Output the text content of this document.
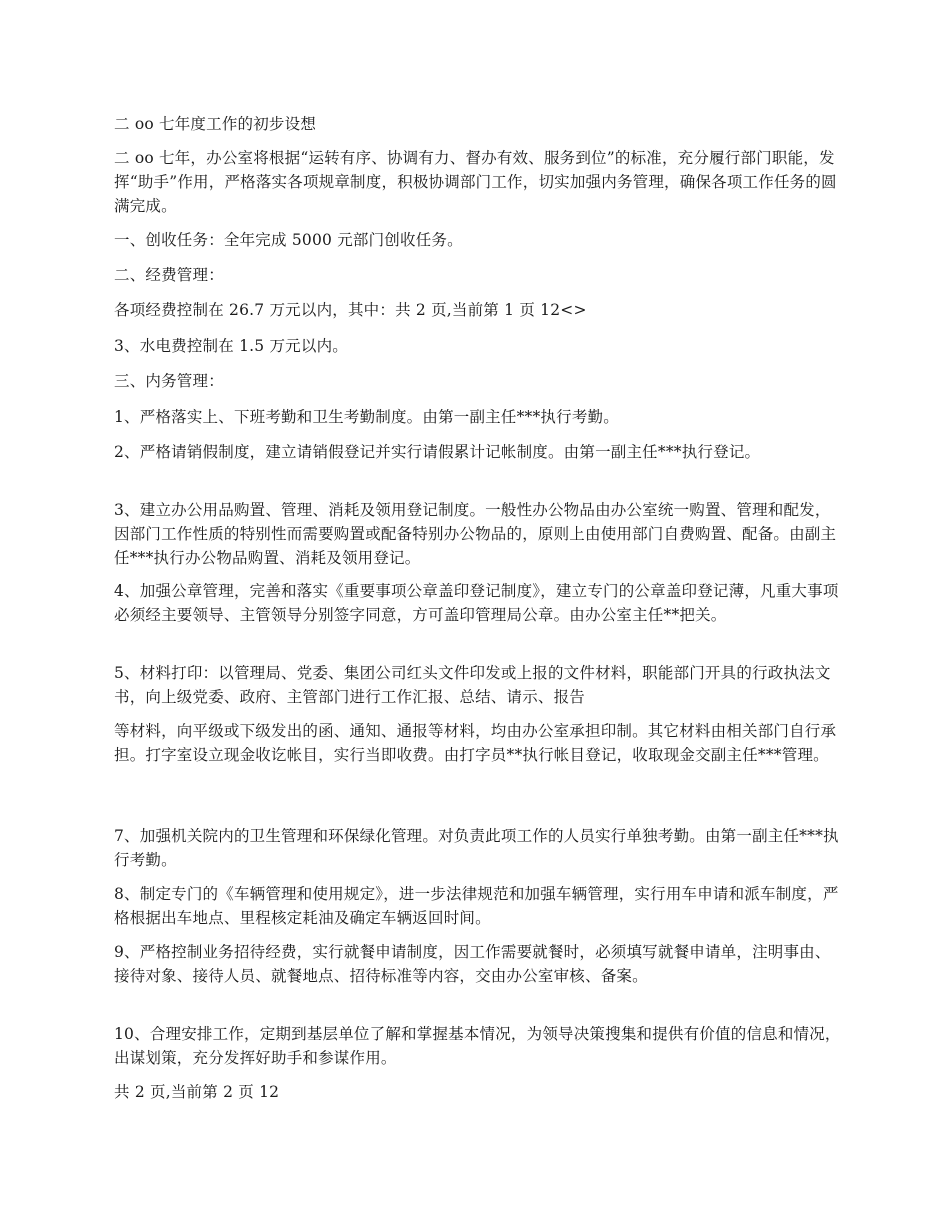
二 oo 七年度工作的初步设想

二 oo 七年，办公室将根据“运转有序、协调有力、督办有效、服务到位”的标准，充分履行部门职能，发挥“助手”作用，严格落实各项规章制度，积极协调部门工作，切实加强内务管理，确保各项工作任务的圆满完成。

一、创收任务：全年完成 5000 元部门创收任务。

二、经费管理：

各项经费控制在 26.7 万元以内，其中：共 2 页,当前第 1 页 12<>

3、水电费控制在 1.5 万元以内。

三、内务管理：

1、严格落实上、下班考勤和卫生考勤制度。由第一副主任***执行考勤。

2、严格请销假制度，建立请销假登记并实行请假累计记帐制度。由第一副主任***执行登记。

3、建立办公用品购置、管理、消耗及领用登记制度。一般性办公物品由办公室统一购置、管理和配发，因部门工作性质的特别性而需要购置或配备特别办公物品的，原则上由使用部门自费购置、配备。由副主任***执行办公物品购置、消耗及领用登记。

4、加强公章管理，完善和落实《重要事项公章盖印登记制度》，建立专门的公章盖印登记薄，凡重大事项必须经主要领导、主管领导分别签字同意，方可盖印管理局公章。由办公室主任**把关。

5、材料打印：以管理局、党委、集团公司红头文件印发或上报的文件材料，职能部门开具的行政执法文书，向上级党委、政府、主管部门进行工作汇报、总结、请示、报告

等材料，向平级或下级发出的函、通知、通报等材料，均由办公室承担印制。其它材料由相关部门自行承担。打字室设立现金收讫帐目，实行当即收费。由打字员**执行帐目登记，收取现金交副主任***管理。

7、加强机关院内的卫生管理和环保绿化管理。对负责此项工作的人员实行单独考勤。由第一副主任***执行考勤。

8、制定专门的《车辆管理和使用规定》，进一步法律规范和加强车辆管理，实行用车申请和派车制度，严格根据出车地点、里程核定耗油及确定车辆返回时间。

9、严格控制业务招待经费，实行就餐申请制度，因工作需要就餐时，必须填写就餐申请单，注明事由、接待对象、接待人员、就餐地点、招待标准等内容，交由办公室审核、备案。

10、合理安排工作，定期到基层单位了解和掌握基本情况，为领导决策搜集和提供有价值的信息和情况，出谋划策，充分发挥好助手和参谋作用。

共 2 页,当前第 2 页 12
